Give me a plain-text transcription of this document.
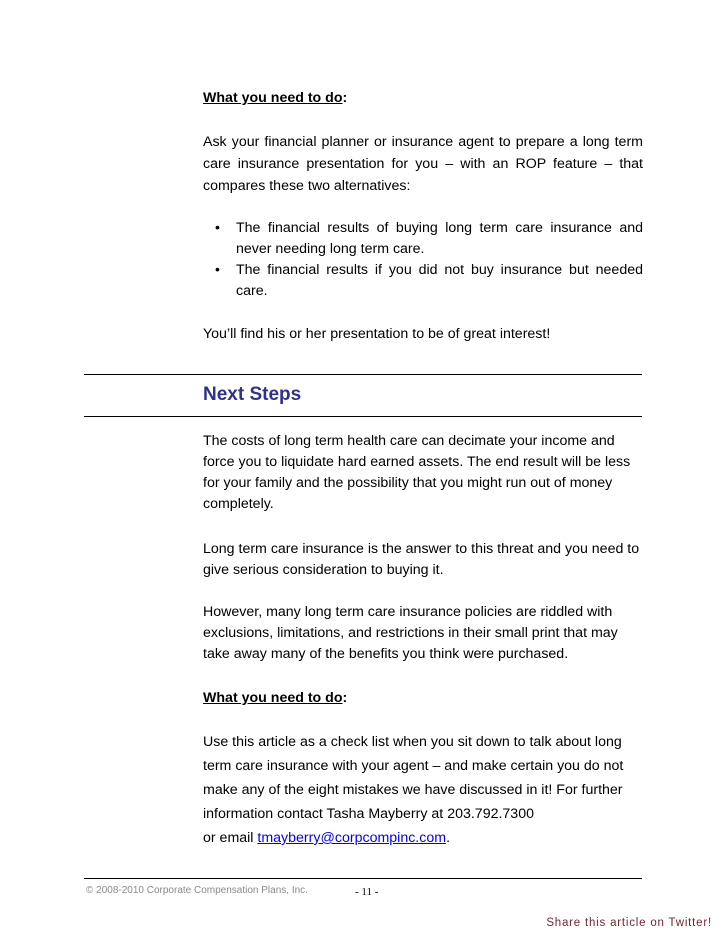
What you need to do:
Ask your financial planner or insurance agent to prepare a long term care insurance presentation for you – with an ROP feature – that compares these two alternatives:
• The financial results of buying long term care insurance and never needing long term care.
• The financial results if you did not buy insurance but needed care.
You’ll find his or her presentation to be of great interest!
Next Steps
The costs of long term health care can decimate your income and
force you to liquidate hard earned assets. The end result will be less
for your family and the possibility that you might run out of money
completely.
Long term care insurance is the answer to this threat and you need to
give serious consideration to buying it.
However, many long term care insurance policies are riddled with
exclusions, limitations, and restrictions in their small print that may
take away many of the benefits you think were purchased.
What you need to do:
Use this article as a check list when you sit down to talk about long
term care insurance with your agent – and make certain you do not
make any of the eight mistakes we have discussed in it! For further
information contact Tasha Mayberry at 203.792.7300
or email tmayberry@corpcompinc.com.
© 2008-2010 Corporate Compensation Plans, Inc.	- 11 -
Share this article on Twitter!
